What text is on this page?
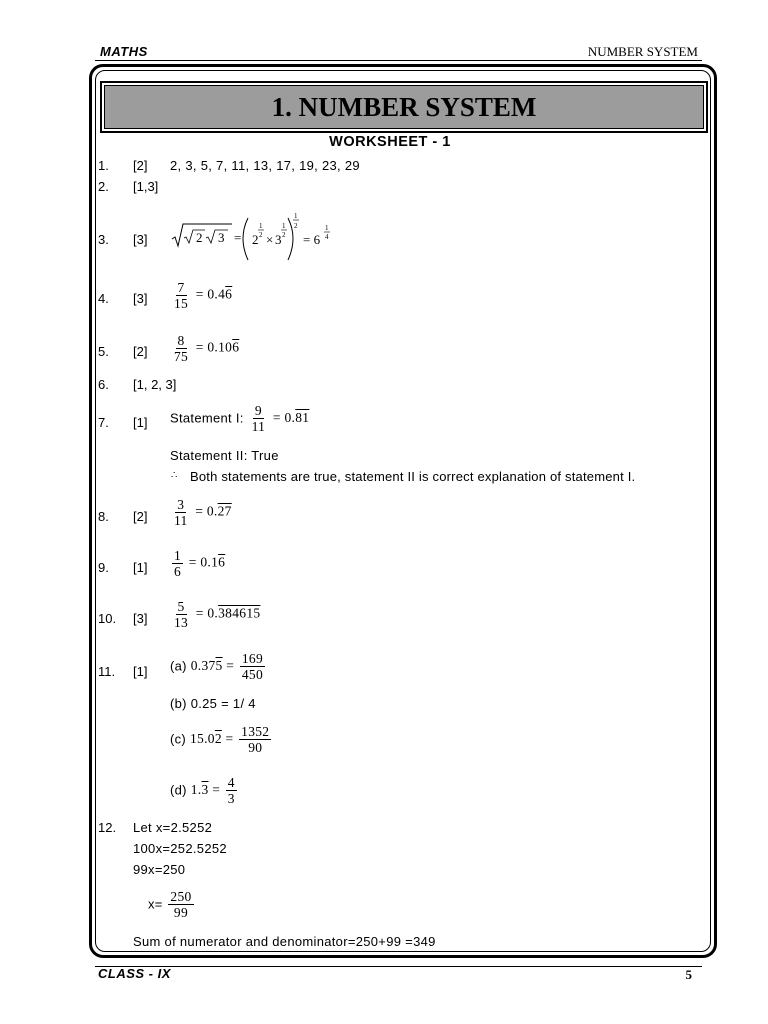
MATHS	NUMBER SYSTEM
1. NUMBER SYSTEM
WORKSHEET - 1
1. [2] 2, 3, 5, 7, 11, 13, 17, 19, 23, 29
2. [1,3]
3. [3]	2 3 = 2
1
2 × 3
1
2
1
2
= 6
1
4
4. $[3] \frac{7}{15} = 0.46$
5. $[2] \frac{8}{75} = 0.106$
6. [1, 2, 3]
7. [1] Statement I: $\frac{9}{11} = 0.81$
Statement II: True
∴ Both statements are true, statement II is correct explanation of statement I.
8. $[2] \frac{3}{11} = 0.27$
9. $[1] \frac{1}{6} = 0.16$
10. $[3] \frac{5}{13} = 0.384615$
11. [1] (a) $0.375 = \frac{169}{450}$
(b) 0.25 = 1/ 4
(c) $15.02 = \frac{1352}{90}$
(d) $1.3 = \frac{4}{3}$
12. Let x=2.5252
100x=252.5252
99x=250
$x= \frac{250}{99}$
Sum of numerator and denominator=250+99 =349
CLASS - IX	5
